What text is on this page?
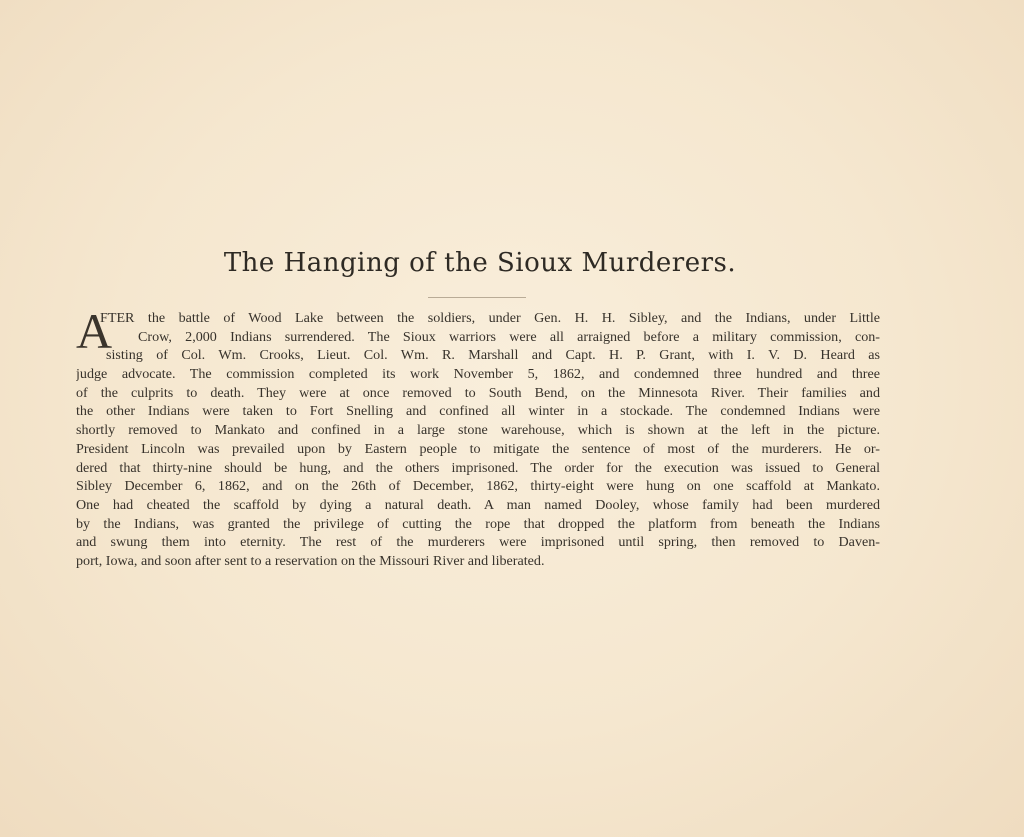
The Hanging of the Sioux Murderers.
A
FTER the battle of Wood Lake between the soldiers, under Gen. H. H. Sibley, and the Indians, under Little
Crow, 2,000 Indians surrendered. The Sioux warriors were all arraigned before a military commission, con-
sisting of Col. Wm. Crooks, Lieut. Col. Wm. R. Marshall and Capt. H. P. Grant, with I. V. D. Heard as
judge advocate. The commission completed its work November 5, 1862, and condemned three hundred and three
of the culprits to death. They were at once removed to South Bend, on the Minnesota River. Their families and
the other Indians were taken to Fort Snelling and confined all winter in a stockade. The condemned Indians were
shortly removed to Mankato and confined in a large stone warehouse, which is shown at the left in the picture.
President Lincoln was prevailed upon by Eastern people to mitigate the sentence of most of the murderers. He or-
dered that thirty-nine should be hung, and the others imprisoned. The order for the execution was issued to General
Sibley December 6, 1862, and on the 26th of December, 1862, thirty-eight were hung on one scaffold at Mankato.
One had cheated the scaffold by dying a natural death. A man named Dooley, whose family had been murdered
by the Indians, was granted the privilege of cutting the rope that dropped the platform from beneath the Indians
and swung them into eternity. The rest of the murderers were imprisoned until spring, then removed to Daven-
port, Iowa, and soon after sent to a reservation on the Missouri River and liberated.
